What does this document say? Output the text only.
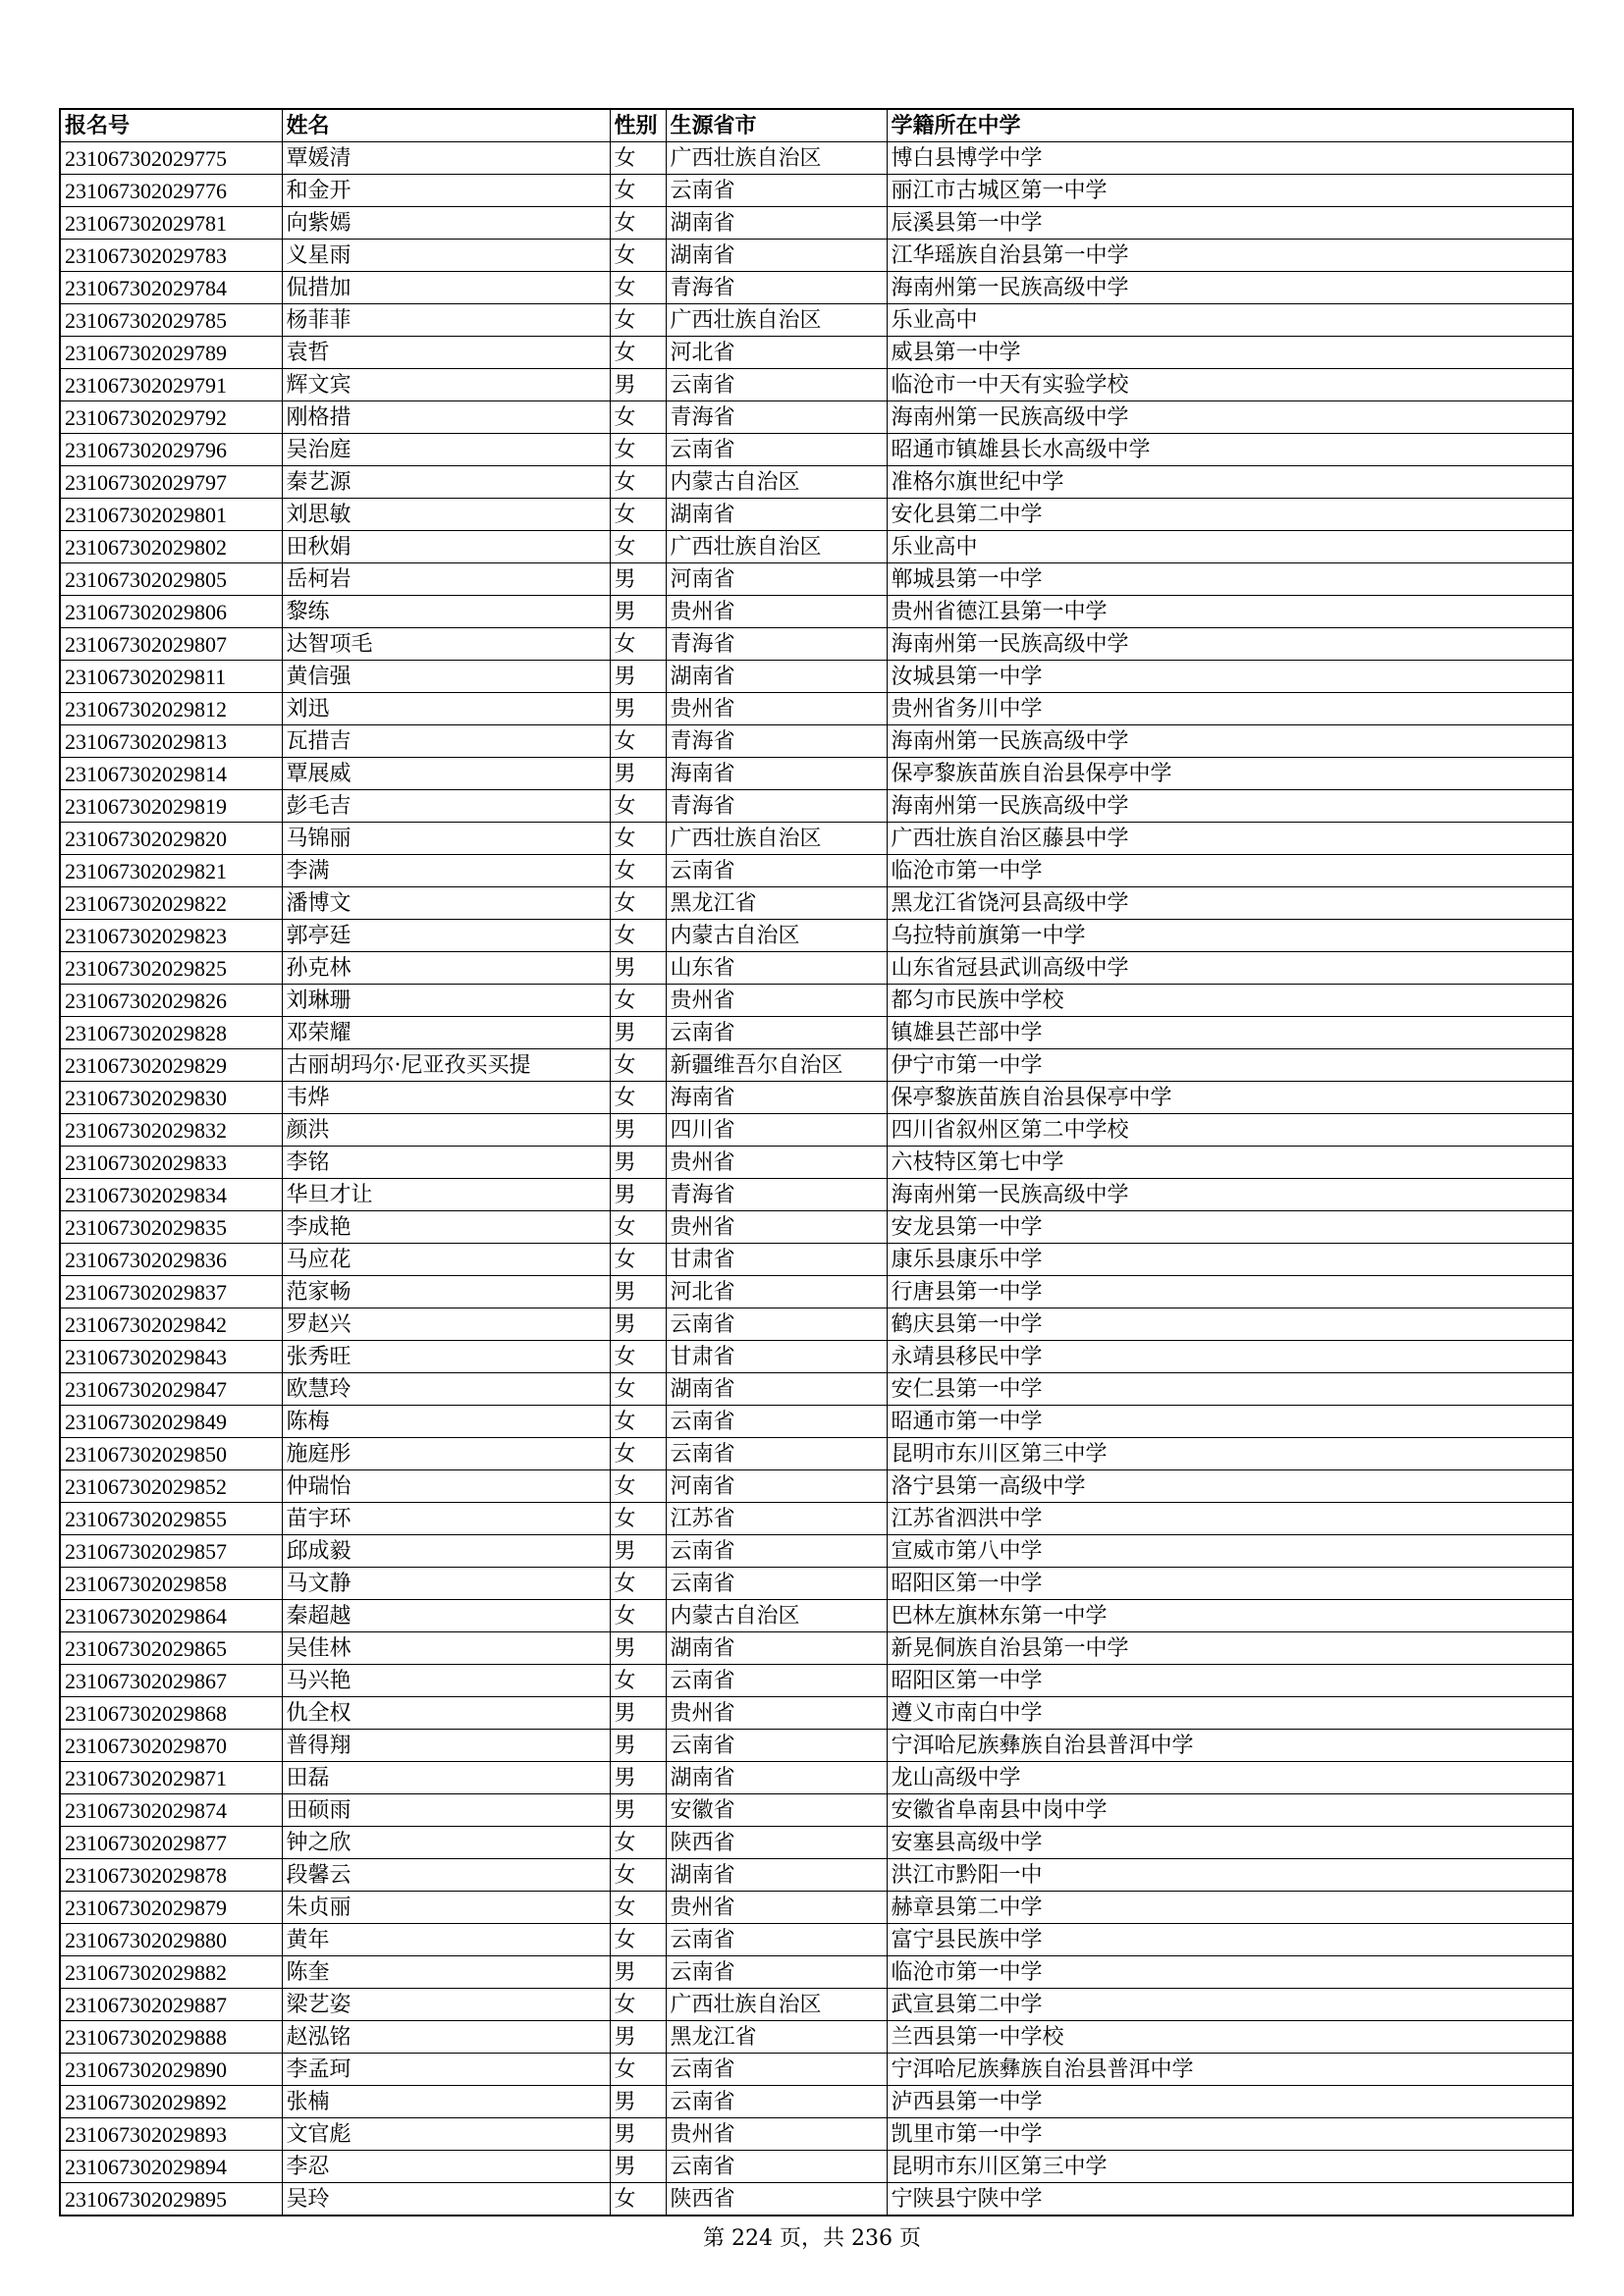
报名号	姓名	性别	生源省市	学籍所在中学
231067302029775	覃媛清	女	广西壮族自治区	博白县博学中学
231067302029776	和金开	女	云南省	丽江市古城区第一中学
231067302029781	向紫嫣	女	湖南省	辰溪县第一中学
231067302029783	义星雨	女	湖南省	江华瑶族自治县第一中学
231067302029784	侃措加	女	青海省	海南州第一民族高级中学
231067302029785	杨菲菲	女	广西壮族自治区	乐业高中
231067302029789	袁哲	女	河北省	威县第一中学
231067302029791	辉文宾	男	云南省	临沧市一中天有实验学校
231067302029792	刚格措	女	青海省	海南州第一民族高级中学
231067302029796	吴治庭	女	云南省	昭通市镇雄县长水高级中学
231067302029797	秦艺源	女	内蒙古自治区	准格尔旗世纪中学
231067302029801	刘思敏	女	湖南省	安化县第二中学
231067302029802	田秋娟	女	广西壮族自治区	乐业高中
231067302029805	岳柯岩	男	河南省	郸城县第一中学
231067302029806	黎练	男	贵州省	贵州省德江县第一中学
231067302029807	达智项毛	女	青海省	海南州第一民族高级中学
231067302029811	黄信强	男	湖南省	汝城县第一中学
231067302029812	刘迅	男	贵州省	贵州省务川中学
231067302029813	瓦措吉	女	青海省	海南州第一民族高级中学
231067302029814	覃展威	男	海南省	保亭黎族苗族自治县保亭中学
231067302029819	彭毛吉	女	青海省	海南州第一民族高级中学
231067302029820	马锦丽	女	广西壮族自治区	广西壮族自治区藤县中学
231067302029821	李满	女	云南省	临沧市第一中学
231067302029822	潘博文	女	黑龙江省	黑龙江省饶河县高级中学
231067302029823	郭亭廷	女	内蒙古自治区	乌拉特前旗第一中学
231067302029825	孙克林	男	山东省	山东省冠县武训高级中学
231067302029826	刘琳珊	女	贵州省	都匀市民族中学校
231067302029828	邓荣耀	男	云南省	镇雄县芒部中学
231067302029829	古丽胡玛尔·尼亚孜买买提	女	新疆维吾尔自治区	伊宁市第一中学
231067302029830	韦烨	女	海南省	保亭黎族苗族自治县保亭中学
231067302029832	颜洪	男	四川省	四川省叙州区第二中学校
231067302029833	李铭	男	贵州省	六枝特区第七中学
231067302029834	华旦才让	男	青海省	海南州第一民族高级中学
231067302029835	李成艳	女	贵州省	安龙县第一中学
231067302029836	马应花	女	甘肃省	康乐县康乐中学
231067302029837	范家畅	男	河北省	行唐县第一中学
231067302029842	罗赵兴	男	云南省	鹤庆县第一中学
231067302029843	张秀旺	女	甘肃省	永靖县移民中学
231067302029847	欧慧玲	女	湖南省	安仁县第一中学
231067302029849	陈梅	女	云南省	昭通市第一中学
231067302029850	施庭彤	女	云南省	昆明市东川区第三中学
231067302029852	仲瑞怡	女	河南省	洛宁县第一高级中学
231067302029855	苗宇环	女	江苏省	江苏省泗洪中学
231067302029857	邱成毅	男	云南省	宣威市第八中学
231067302029858	马文静	女	云南省	昭阳区第一中学
231067302029864	秦超越	女	内蒙古自治区	巴林左旗林东第一中学
231067302029865	吴佳林	男	湖南省	新晃侗族自治县第一中学
231067302029867	马兴艳	女	云南省	昭阳区第一中学
231067302029868	仇全权	男	贵州省	遵义市南白中学
231067302029870	普得翔	男	云南省	宁洱哈尼族彝族自治县普洱中学
231067302029871	田磊	男	湖南省	龙山高级中学
231067302029874	田硕雨	男	安徽省	安徽省阜南县中岗中学
231067302029877	钟之欣	女	陕西省	安塞县高级中学
231067302029878	段馨云	女	湖南省	洪江市黔阳一中
231067302029879	朱贞丽	女	贵州省	赫章县第二中学
231067302029880	黄年	女	云南省	富宁县民族中学
231067302029882	陈奎	男	云南省	临沧市第一中学
231067302029887	梁艺姿	女	广西壮族自治区	武宣县第二中学
231067302029888	赵泓铭	男	黑龙江省	兰西县第一中学校
231067302029890	李孟珂	女	云南省	宁洱哈尼族彝族自治县普洱中学
231067302029892	张楠	男	云南省	泸西县第一中学
231067302029893	文官彪	男	贵州省	凯里市第一中学
231067302029894	李忍	男	云南省	昆明市东川区第三中学
231067302029895	吴玲	女	陕西省	宁陕县宁陕中学
第 224 页，共 236 页
